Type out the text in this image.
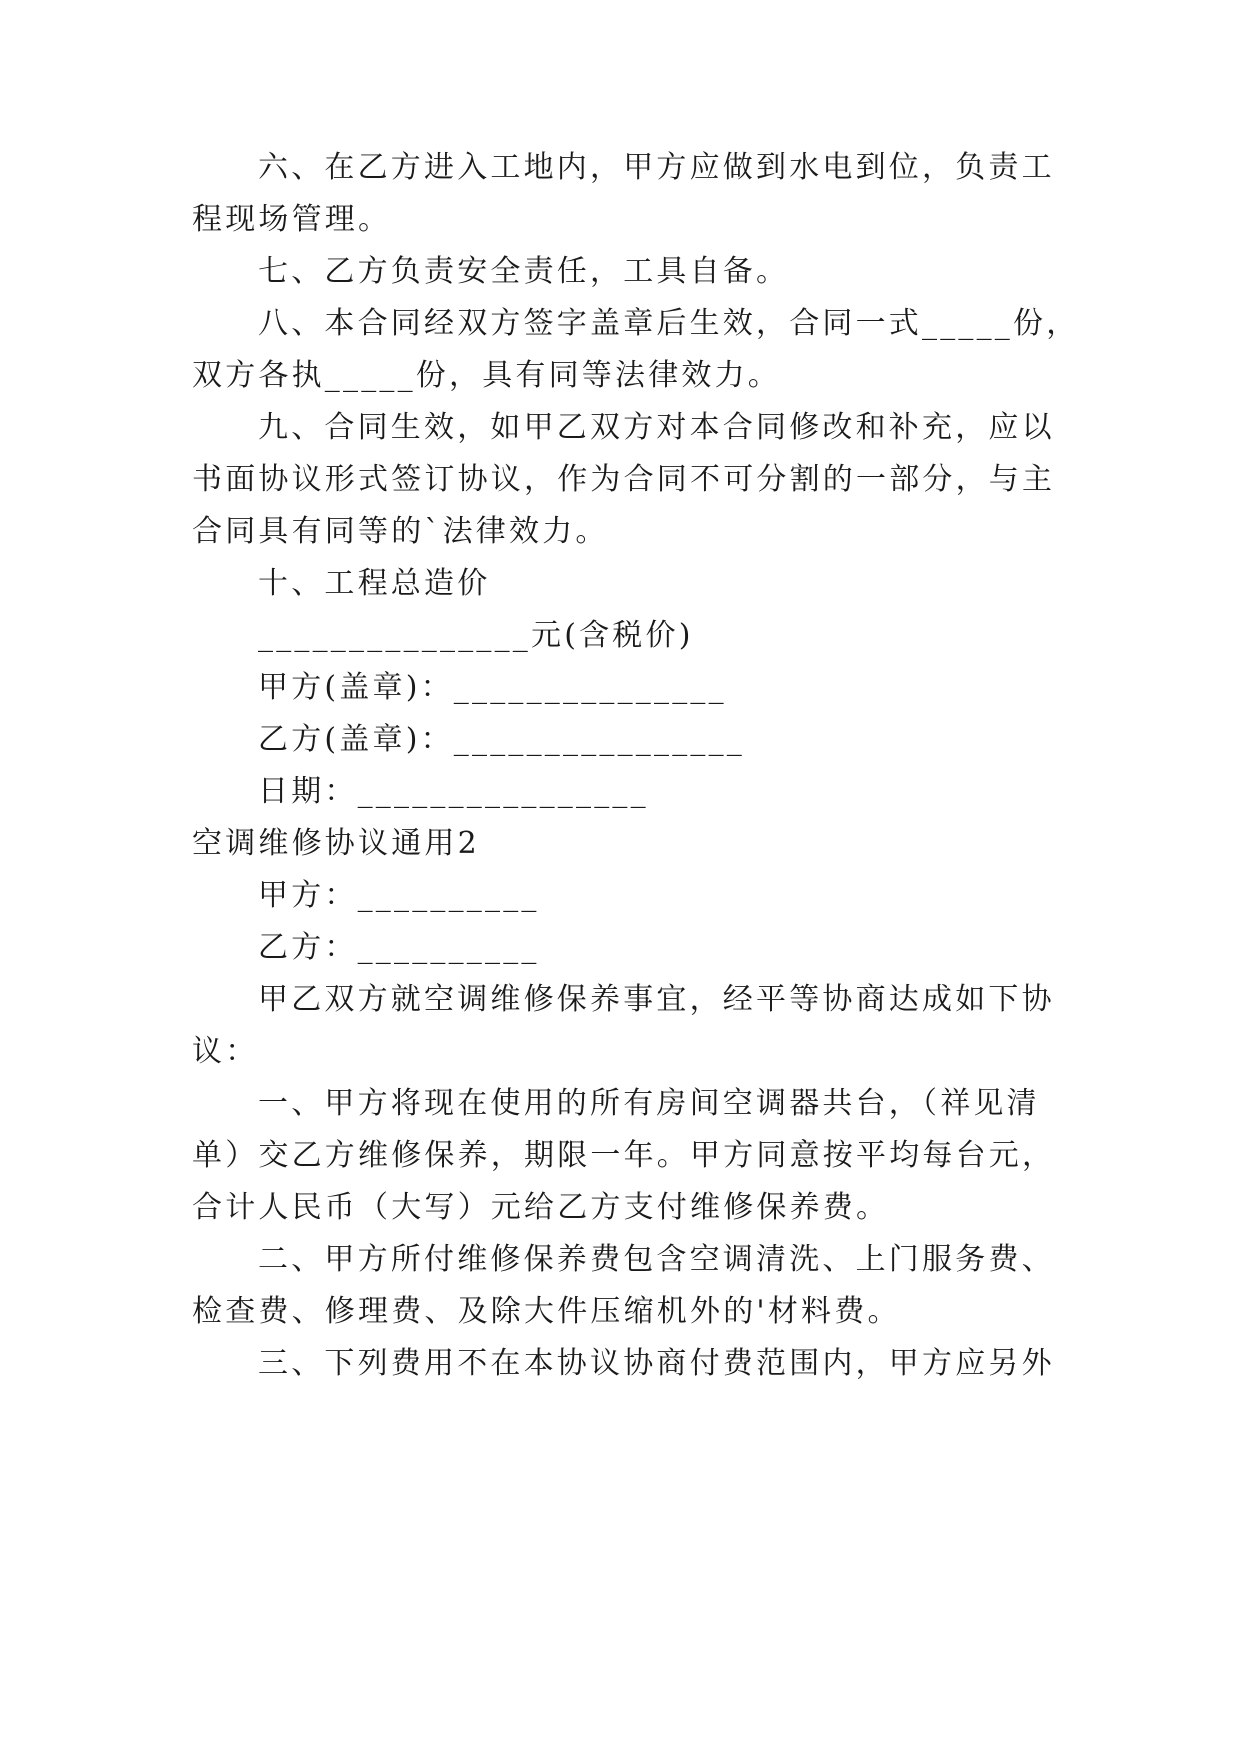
六、在乙方进入工地内，甲方应做到水电到位，负责工
程现场管理。
七、乙方负责安全责任，工具自备。
八、本合同经双方签字盖章后生效，合同一式_____份，
双方各执_____份，具有同等法律效力。
九、合同生效，如甲乙双方对本合同修改和补充，应以
书面协议形式签订协议，作为合同不可分割的一部分，与主
合同具有同等的`法律效力。
十、工程总造价
_______________元(含税价)
甲方(盖章)：_______________
乙方(盖章)：________________
日期：________________
空调维修协议通用2
甲方：__________
乙方：__________
甲乙双方就空调维修保养事宜，经平等协商达成如下协
议：
一、甲方将现在使用的所有房间空调器共台，（祥见清
单）交乙方维修保养，期限一年。甲方同意按平均每台元，
合计人民币（大写）元给乙方支付维修保养费。
二、甲方所付维修保养费包含空调清洗、上门服务费、
检查费、修理费、及除大件压缩机外的'材料费。
三、下列费用不在本协议协商付费范围内，甲方应另外
